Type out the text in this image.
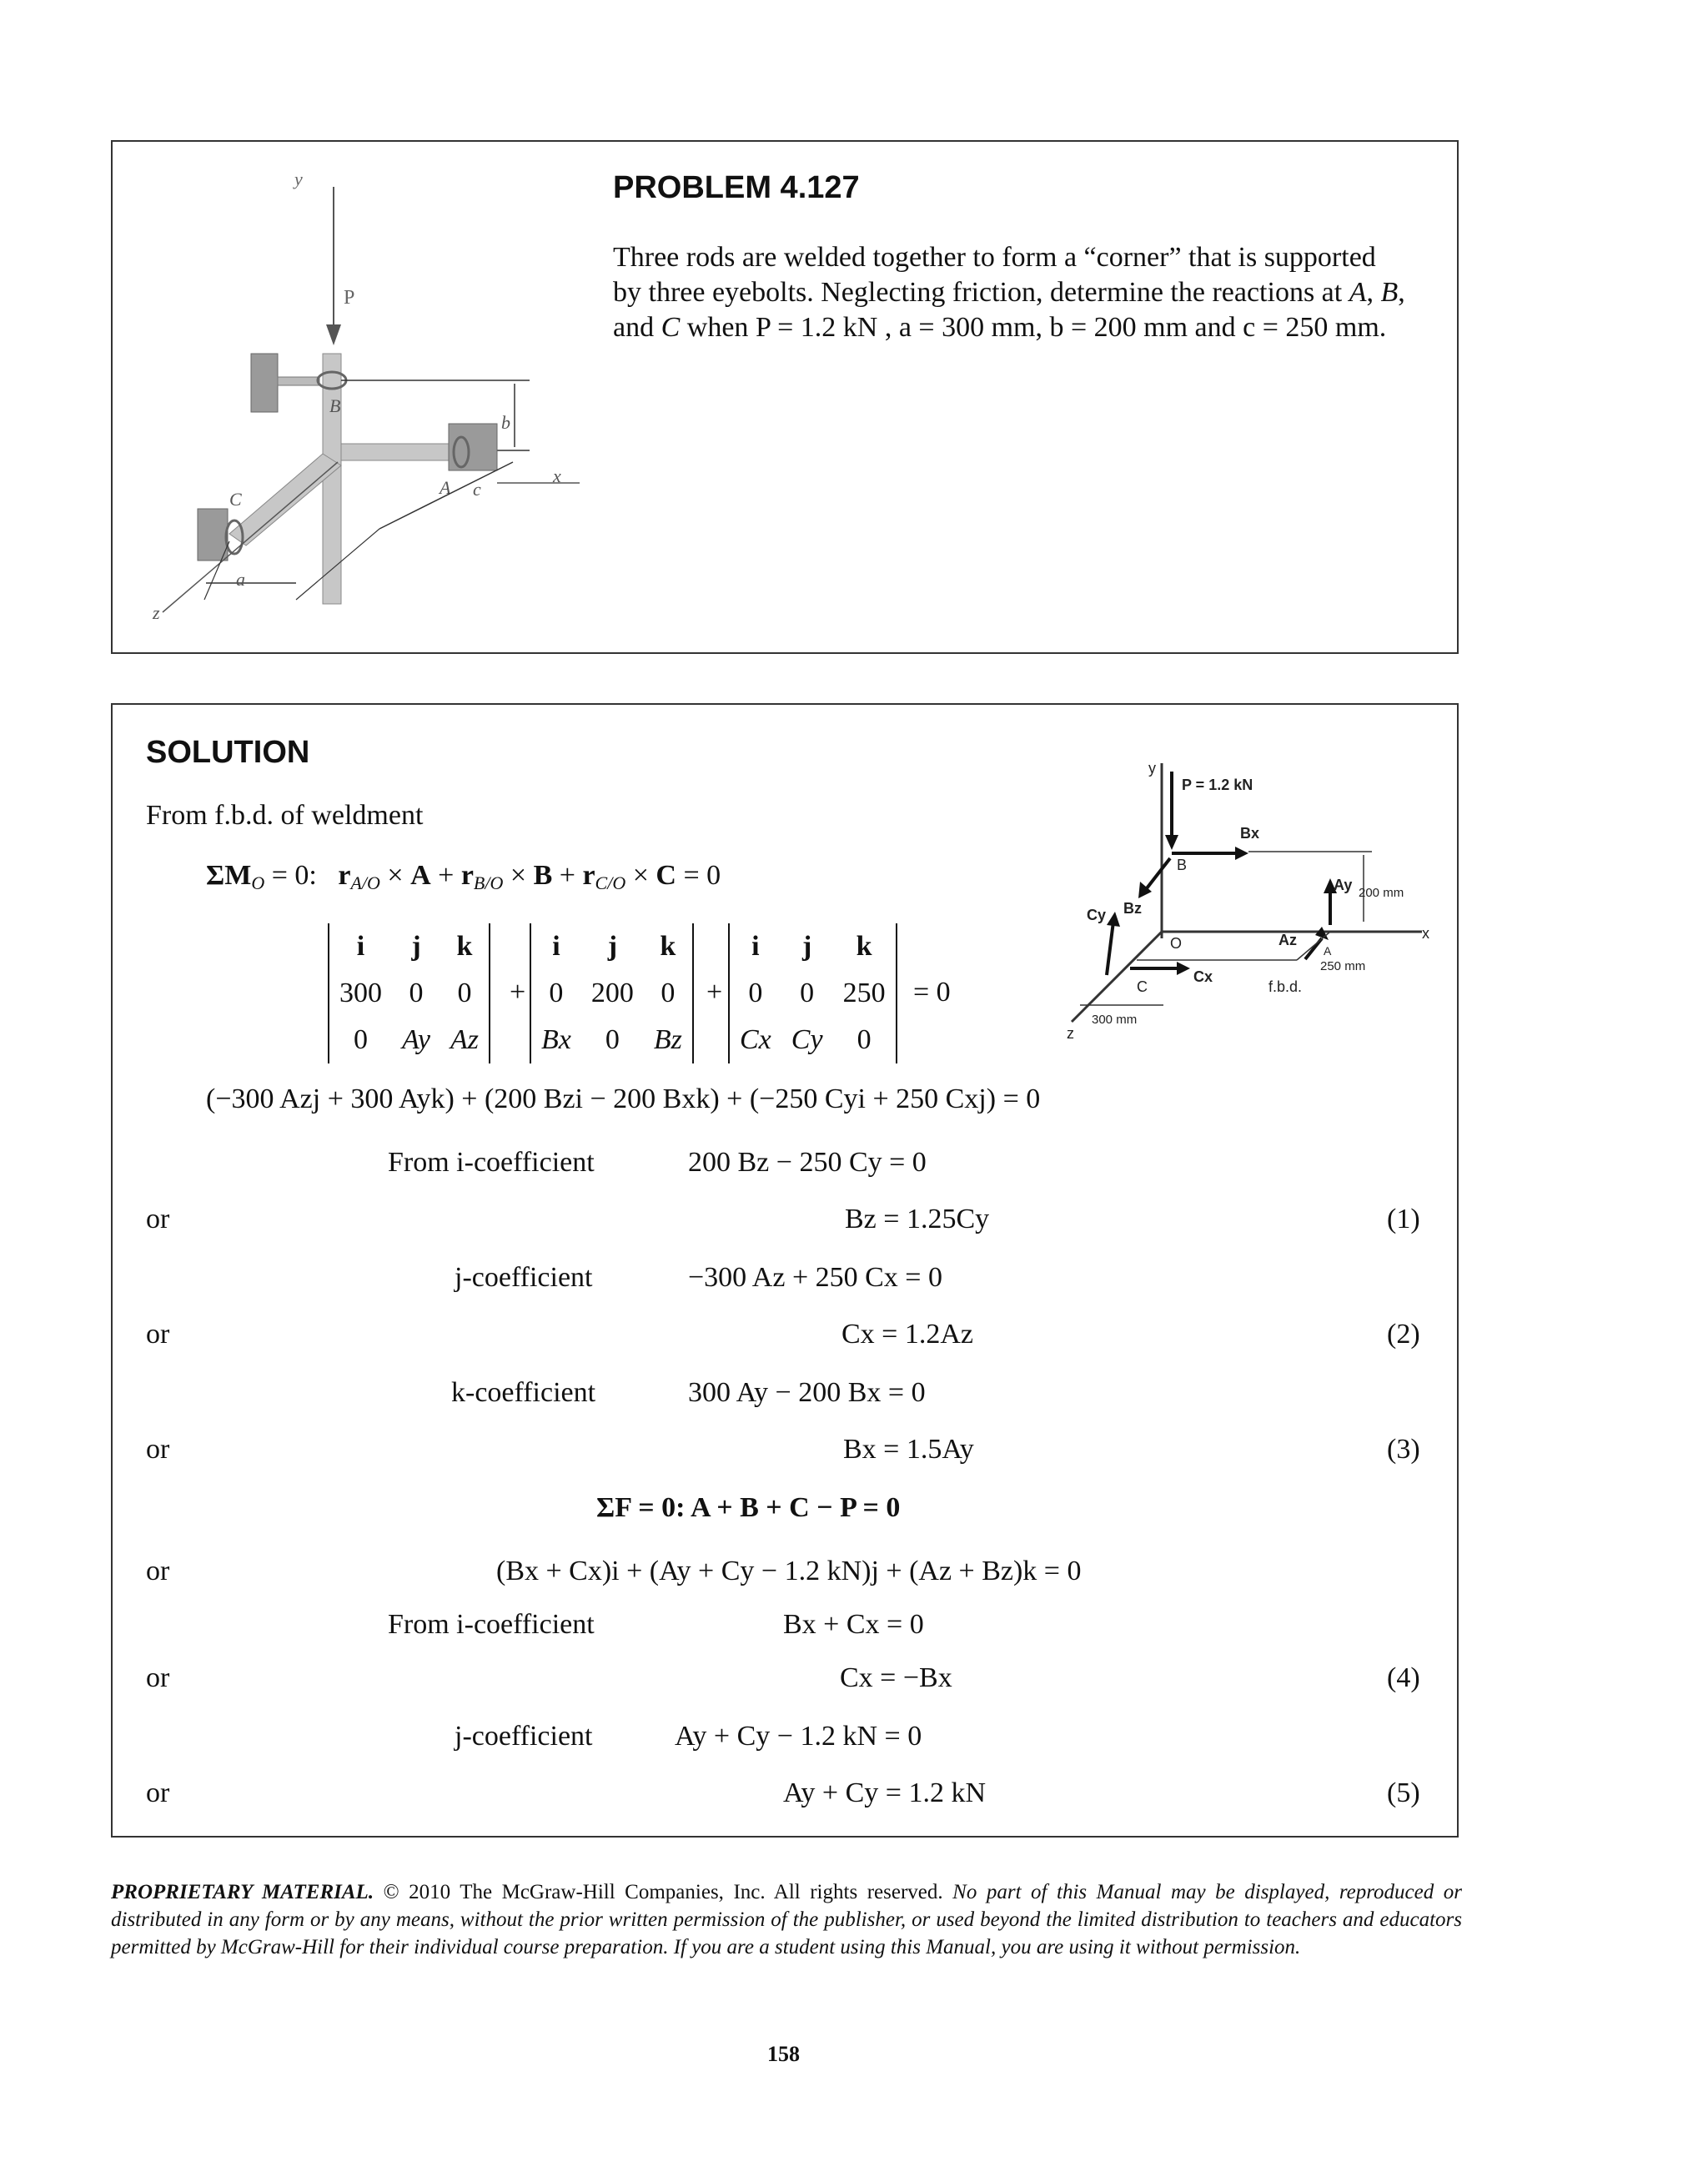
y
P
B
b
A
x
C	c
a
z
PROBLEM 4.127
Three rods are welded together to form a “corner” that is supported
by three eyebolts. Neglecting friction, determine the reactions at A, B,
and C when P = 1.2 kN , a = 300 mm, b = 200 mm and c = 250 mm.
SOLUTION
From f.b.d. of weldment
$\Sigma M_O = 0$:   $r_{A/O} \times A + r_{B/O} \times B + r_{C/O} \times C = 0$
i	j	k
300	0	0
0	Ay	Az
+
i	j	k
0	200	0
Bx	0	Bz
+
i	j	k
0	0	250
Cx	Cy	0
= 0
(−300 Azj + 300 Ayk) + (200 Bzi − 200 Bxk) + (−250 Cyi + 250 Cxj) = 0
From i-coefficient	200 Bz − 250 Cy = 0
or	Bz = 1.25Cy	(1)
j-coefficient	−300 Az + 250 Cx = 0
or	Cx = 1.2Az	(2)
k-coefficient	300 Ay − 200 Bx = 0
or	Bx = 1.5Ay	(3)
ΣF = 0: A + B + C − P = 0
or	(Bx + Cx)i + (Ay + Cy − 1.2 kN)j + (Az + Bz)k = 0
From i-coefficient	Bx + Cx = 0
or	Cx = −Bx	(4)
j-coefficient	Ay + Cy − 1.2 kN = 0
or	Ay + Cy = 1.2 kN	(5)
y
P = 1.2 kN
Bx
Bz
B
200 mm
x
O
Ay
Az
A
250 mm
z
Cy
Cx
C	f.b.d.
300 mm
PROPRIETARY MATERIAL. © 2010 The McGraw-Hill Companies, Inc. All rights reserved. No part of this Manual may be displayed, reproduced or distributed in any form or by any means, without the prior written permission of the publisher, or used beyond the limited distribution to teachers and educators permitted by McGraw-Hill for their individual course preparation. If you are a student using this Manual, you are using it without permission.
158
